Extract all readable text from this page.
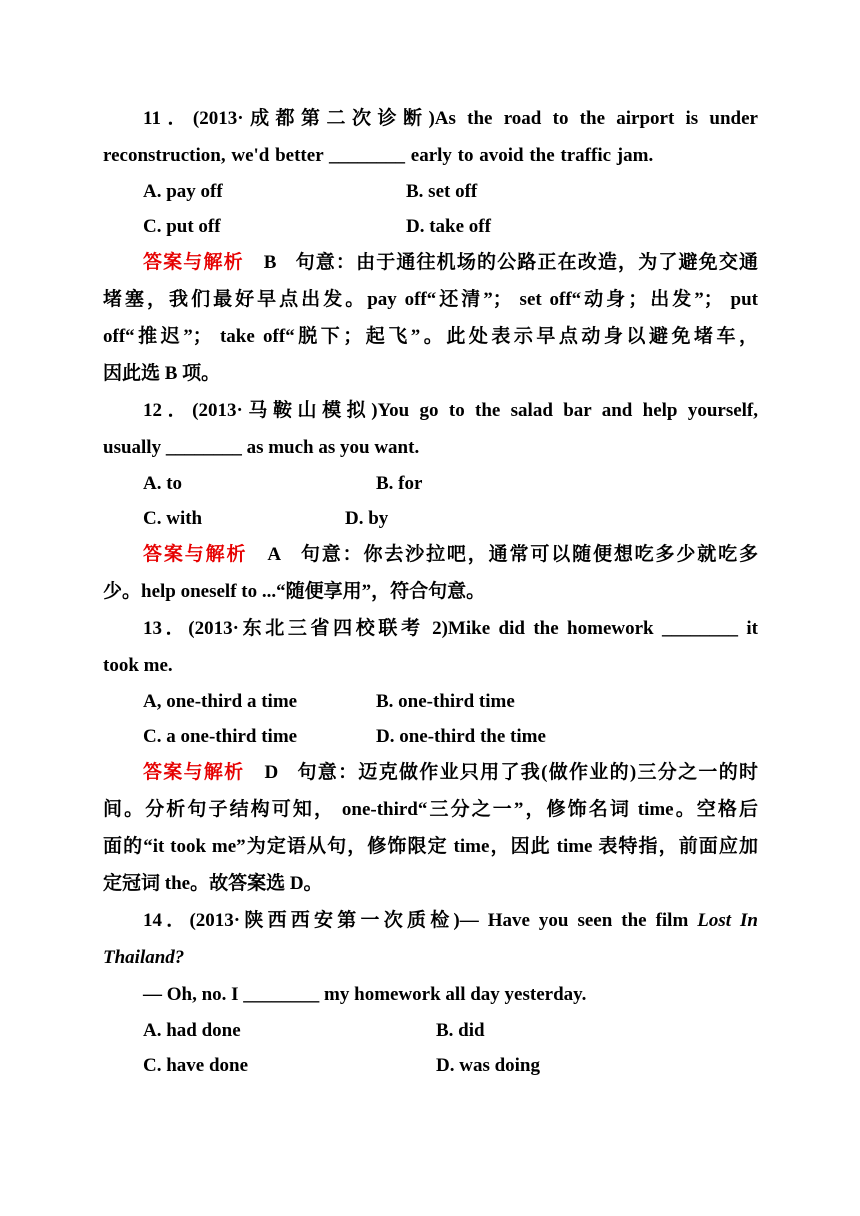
11．(2013·成都第二次诊断)As the road to the airport is under
reconstruction, we'd better ________ early to avoid the traffic jam.
A. pay off	B. set off
C. put off	D. take off
答案与解析 B 句意：由于通往机场的公路正在改造，为了避免交通
堵塞，我们最好早点出发。pay off“还清”； set off“动身；出发”； put
off“推迟”； take off“脱下；起飞”。此处表示早点动身以避免堵车，
因此选 B 项。
12．(2013·马鞍山模拟)You go to the salad bar and help yourself,
usually ________ as much as you want.
A. to	B. for
C. with	D. by
答案与解析 A 句意：你去沙拉吧，通常可以随便想吃多少就吃多
少。help oneself to ...“随便享用”，符合句意。
13．(2013·东北三省四校联考 2)Mike did the homework ________ it
took me.
A, one-third a time	B. one-third time
C. a one-third time	D. one-third the time
答案与解析 D 句意：迈克做作业只用了我(做作业的)三分之一的时
间。分析句子结构可知， one-third“三分之一”，修饰名词 time。空格后
面的“it took me”为定语从句，修饰限定 time，因此 time 表特指，前面应加
定冠词 the。故答案选 D。
14．(2013·陕西西安第一次质检)— Have you seen the film Lost In
Thailand?
— Oh, no. I ________ my homework all day yesterday.
A. had done	B. did
C. have done	D. was doing
